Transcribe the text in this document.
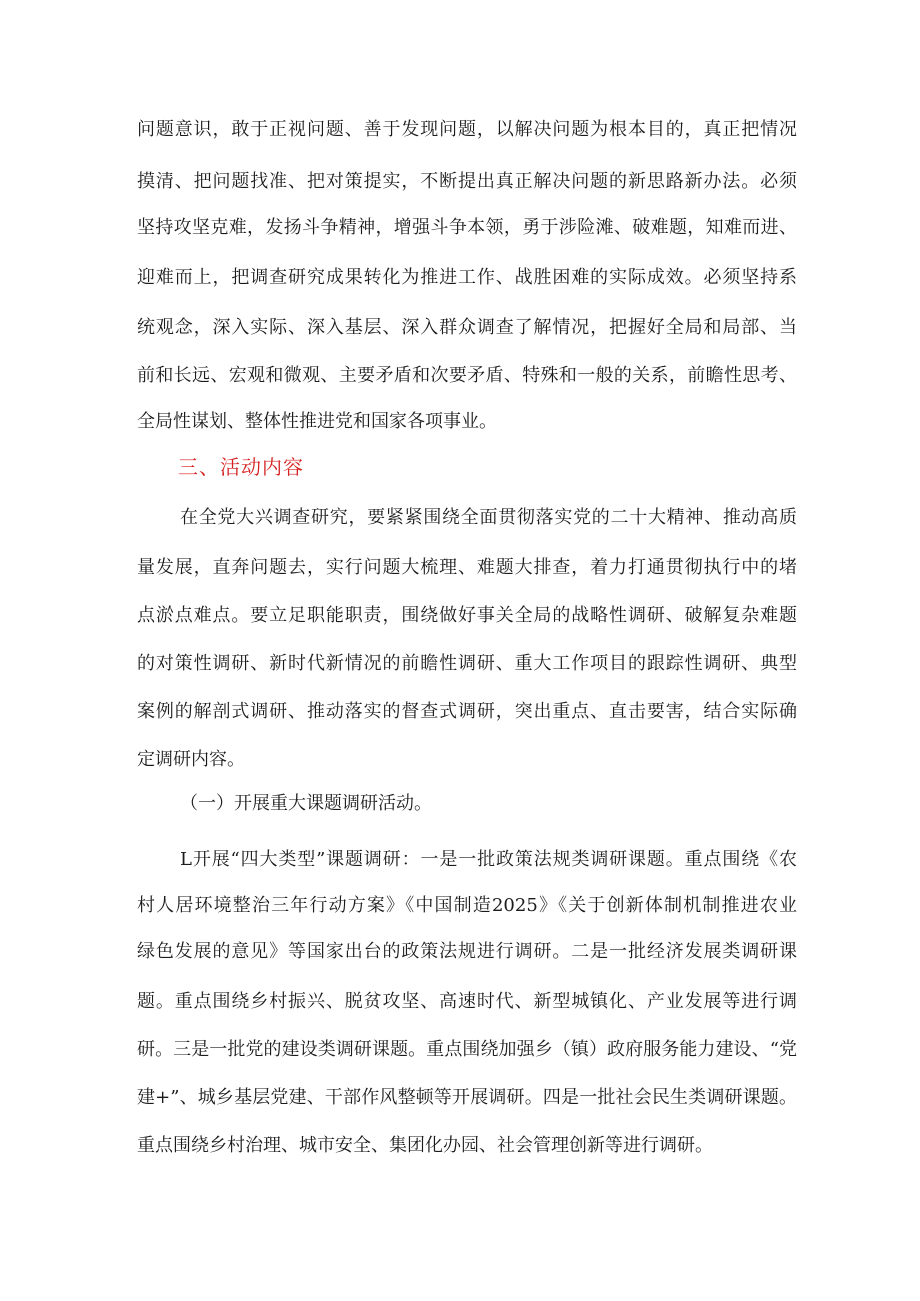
问题意识，敢于正视问题、善于发现问题，以解决问题为根本目的，真正把情况
摸清、把问题找准、把对策提实，不断提出真正解决问题的新思路新办法。必须
坚持攻坚克难，发扬斗争精神，增强斗争本领，勇于涉险滩、破难题，知难而进、
迎难而上，把调查研究成果转化为推进工作、战胜困难的实际成效。必须坚持系
统观念，深入实际、深入基层、深入群众调查了解情况，把握好全局和局部、当
前和长远、宏观和微观、主要矛盾和次要矛盾、特殊和一般的关系，前瞻性思考、
全局性谋划、整体性推进党和国家各项事业。
三、活动内容
在全党大兴调查研究，要紧紧围绕全面贯彻落实党的二十大精神、推动高质
量发展，直奔问题去，实行问题大梳理、难题大排查，着力打通贯彻执行中的堵
点淤点难点。要立足职能职责，围绕做好事关全局的战略性调研、破解复杂难题
的对策性调研、新时代新情况的前瞻性调研、重大工作项目的跟踪性调研、典型
案例的解剖式调研、推动落实的督查式调研，突出重点、直击要害，结合实际确
定调研内容。
（一）开展重大课题调研活动。
L开展“四大类型”课题调研：一是一批政策法规类调研课题。重点围绕《农
村人居环境整治三年行动方案》《中国制造2025》《关于创新体制机制推进农业
绿色发展的意见》等国家出台的政策法规进行调研。二是一批经济发展类调研课
题。重点围绕乡村振兴、脱贫攻坚、高速时代、新型城镇化、产业发展等进行调
研。三是一批党的建设类调研课题。重点围绕加强乡（镇）政府服务能力建设、“党
建+”、城乡基层党建、干部作风整顿等开展调研。四是一批社会民生类调研课题。
重点围绕乡村治理、城市安全、集团化办园、社会管理创新等进行调研。
